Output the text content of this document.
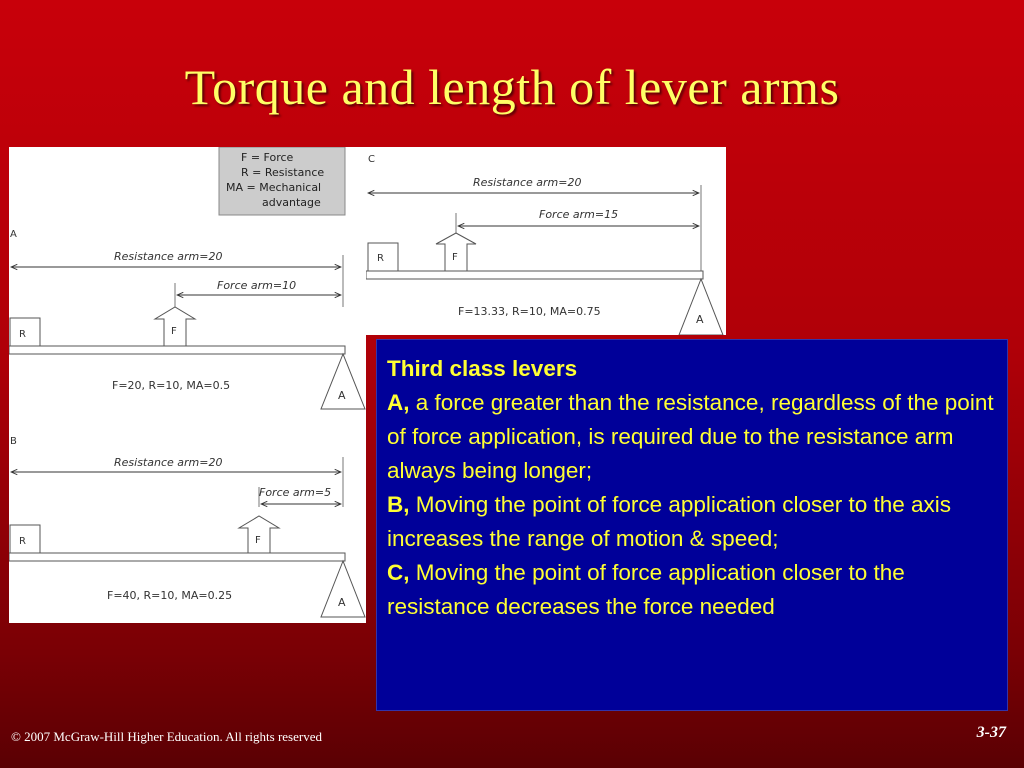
Torque and length of lever arms
F = Force
R = Resistance
MA = Mechanical
advantage
A
Resistance arm=20
Force arm=10
R	F
A
F=20, R=10, MA=0.5
B
Resistance arm=20
Force arm=5
R	F
A
F=40, R=10, MA=0.25
C
Resistance arm=20
Force arm=15
R	F
A
F=13.33, R=10, MA=0.75
Third class levers
A, a force greater than the resistance, regardless of the point of force application, is required due to the resistance arm always being longer;
B, Moving the point of force application closer to the axis increases the range of motion & speed;
C, Moving the point of force application closer to the resistance decreases the force needed
© 2007 McGraw-Hill Higher Education. All rights reserved	3-37
